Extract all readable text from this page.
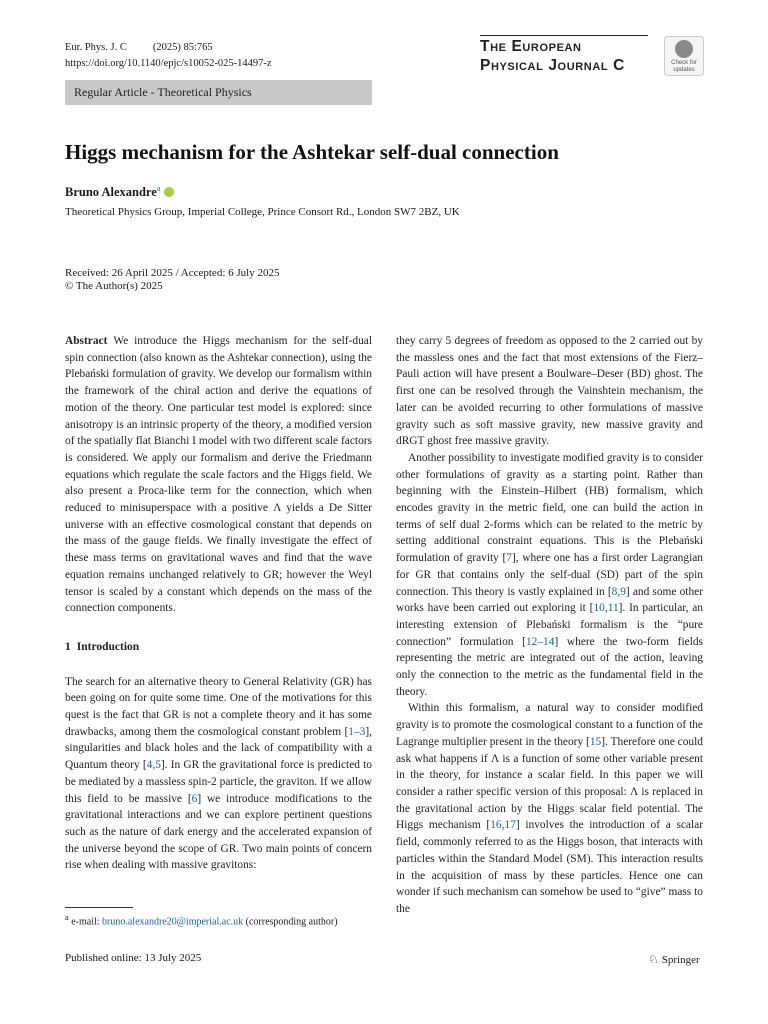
Eur. Phys. J. C (2025) 85:765
https://doi.org/10.1140/epjc/s10052-025-14497-z
The European
Physical Journal C	Check for
updates
Regular Article - Theoretical Physics
Higgs mechanism for the Ashtekar self-dual connection
Bruno Alexandre$^a$
Theoretical Physics Group, Imperial College, Prince Consort Rd., London SW7 2BZ, UK
Received: 26 April 2025 / Accepted: 6 July 2025
© The Author(s) 2025

Abstract We introduce the Higgs mechanism for the self-dual spin connection (also known as the Ashtekar connection), using the Plebański formulation of gravity. We develop our formalism within the framework of the chiral action and derive the equations of motion of the theory. One particular test model is explored: since anisotropy is an intrinsic property of the theory, a modified version of the spatially flat Bianchi I model with two different scale factors is considered. We apply our formalism and derive the Friedmann equations which regulate the scale factors and the Higgs field. We also present a Proca-like term for the connection, which when reduced to minisuperspace with a positive Λ yields a De Sitter universe with an effective cosmological constant that depends on the mass of the gauge fields. We finally investigate the effect of these mass terms on gravitational waves and find that the wave equation remains unchanged relatively to GR; however the Weyl tensor is scaled by a constant which depends on the mass of the connection components.

1 Introduction

The search for an alternative theory to General Relativity (GR) has been going on for quite some time. One of the motivations for this quest is the fact that GR is not a complete theory and it has some drawbacks, among them the cosmological constant problem [1–3], singularities and black holes and the lack of compatibility with a Quantum theory [4,5]. In GR the gravitational force is predicted to be mediated by a massless spin-2 particle, the graviton. If we allow this field to be massive [6] we introduce modifications to the gravitational interactions and we can explore pertinent questions such as the nature of dark energy and the accelerated expansion of the universe beyond the scope of GR. Two main points of concern rise when dealing with massive gravitons:

they carry 5 degrees of freedom as opposed to the 2 carried out by the massless ones and the fact that most extensions of the Fierz–Pauli action will have present a Boulware–Deser (BD) ghost. The first one can be resolved through the Vainshtein mechanism, the later can be avoided recurring to other formulations of massive gravity such as soft massive gravity, new massive gravity and dRGT ghost free massive gravity.

Another possibility to investigate modified gravity is to consider other formulations of gravity as a starting point. Rather than beginning with the Einstein–Hilbert (HB) formalism, which encodes gravity in the metric field, one can build the action in terms of self dual 2-forms which can be related to the metric by setting additional constraint equations. This is the Plebański formulation of gravity [7], where one has a first order Lagrangian for GR that contains only the self-dual (SD) part of the spin connection. This theory is vastly explained in [8,9] and some other works have been carried out exploring it [10,11]. In particular, an interesting extension of Plebański formalism is the “pure connection” formulation [12–14] where the two-form fields representing the metric are integrated out of the action, leaving only the connection to the metric as the fundamental field in the theory.

Within this formalism, a natural way to consider modified gravity is to promote the cosmological constant to a function of the Lagrange multiplier present in the theory [15]. Therefore one could ask what happens if Λ is a function of some other variable present in the theory, for instance a scalar field. In this paper we will consider a rather specific version of this proposal: Λ is replaced in the gravitational action by the Higgs scalar field potential. The Higgs mechanism [16,17] involves the introduction of a scalar field, commonly referred to as the Higgs boson, that interacts with particles within the Standard Model (SM). This interaction results in the acquisition of mass by these particles. Hence one can wonder if such mechanism can somehow be used to “give” mass to the

$^a$ e-mail: bruno.alexandre20@imperial.ac.uk (corresponding author)
Published online: 13 July 2025	♘ Springer
